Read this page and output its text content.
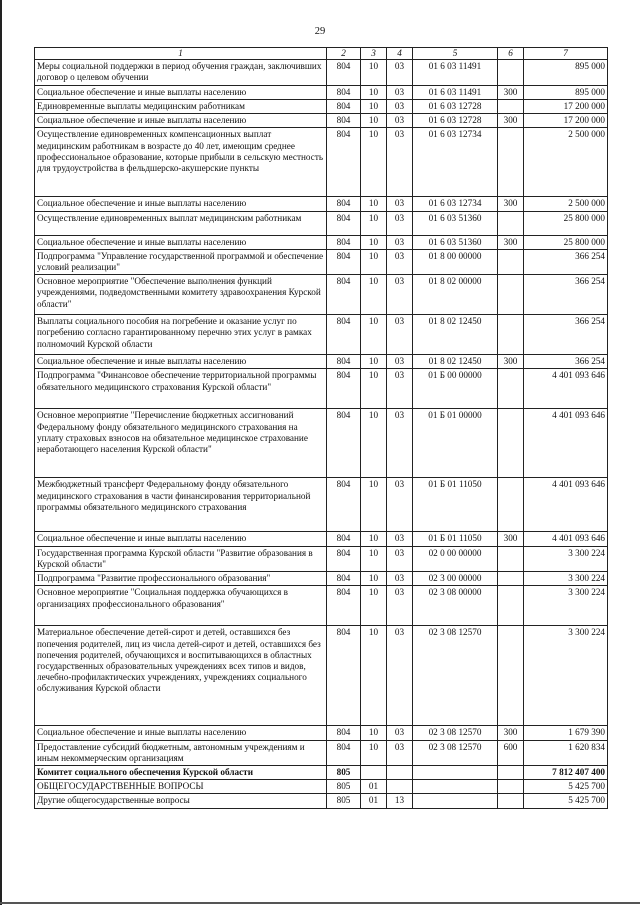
29
1	2	3	4	5	6	7
Меры социальной поддержки в период обучения граждан, заключивших договор о целевом обучении	804	10	03	01 6 03 11491		895 000
Социальное обеспечение и иные выплаты населению	804	10	03	01 6 03 11491	300	895 000
Единовременные выплаты медицинским работникам	804	10	03	01 6 03 12728		17 200 000
Социальное обеспечение и иные выплаты населению	804	10	03	01 6 03 12728	300	17 200 000
Осуществление единовременных компенсационных выплат медицинским работникам в возрасте до 40 лет, имеющим среднее профессиональное образование, которые прибыли в сельскую местность для трудоустройства в фельдшерско-акушерские пункты	804	10	03	01 6 03 12734		2 500 000
Социальное обеспечение и иные выплаты населению	804	10	03	01 6 03 12734	300	2 500 000
Осуществление единовременных выплат медицинским работникам	804	10	03	01 6 03 51360		25 800 000
Социальное обеспечение и иные выплаты населению	804	10	03	01 6 03 51360	300	25 800 000
Подпрограмма "Управление государственной программой и обеспечение условий реализации"	804	10	03	01 8 00 00000		366 254
Основное мероприятие "Обеспечение выполнения функций учреждениями, подведомственными комитету здравоохранения Курской области"	804	10	03	01 8 02 00000		366 254
Выплаты социального пособия на погребение и оказание услуг по погребению согласно гарантированному перечню этих услуг в рамках полномочий Курской области	804	10	03	01 8 02 12450		366 254
Социальное обеспечение и иные выплаты населению	804	10	03	01 8 02 12450	300	366 254
Подпрограмма "Финансовое обеспечение территориальной программы обязательного медицинского страхования Курской области"	804	10	03	01 Б 00 00000		4 401 093 646
Основное мероприятие "Перечисление бюджетных ассигнований Федеральному фонду обязательного медицинского страхования на уплату страховых взносов на обязательное медицинское страхование неработающего населения Курской области"	804	10	03	01 Б 01 00000		4 401 093 646
Межбюджетный трансферт Федеральному фонду обязательного медицинского страхования в части финансирования территориальной программы обязательного медицинского страхования	804	10	03	01 Б 01 11050		4 401 093 646
Социальное обеспечение и иные выплаты населению	804	10	03	01 Б 01 11050	300	4 401 093 646
Государственная программа Курской области "Развитие образования в Курской области"	804	10	03	02 0 00 00000		3 300 224
Подпрограмма "Развитие профессионального образования"	804	10	03	02 3 00 00000		3 300 224
Основное мероприятие "Социальная поддержка обучающихся в организациях профессионального образования"	804	10	03	02 3 08 00000		3 300 224
Материальное обеспечение детей-сирот и детей, оставшихся без попечения родителей, лиц из числа детей-сирот и детей, оставшихся без попечения родителей, обучающихся и воспитывающихся в областных государственных образовательных учреждениях всех типов и видов, лечебно-профилактических учреждениях, учреждениях социального обслуживания Курской области	804	10	03	02 3 08 12570		3 300 224
Социальное обеспечение и иные выплаты населению	804	10	03	02 3 08 12570	300	1 679 390
Предоставление субсидий бюджетным, автономным учреждениям и иным некоммерческим организациям	804	10	03	02 3 08 12570	600	1 620 834
Комитет социального обеспечения Курской области	805					7 812 407 400
ОБЩЕГОСУДАРСТВЕННЫЕ ВОПРОСЫ	805	01				5 425 700
Другие общегосударственные вопросы	805	01	13			5 425 700
